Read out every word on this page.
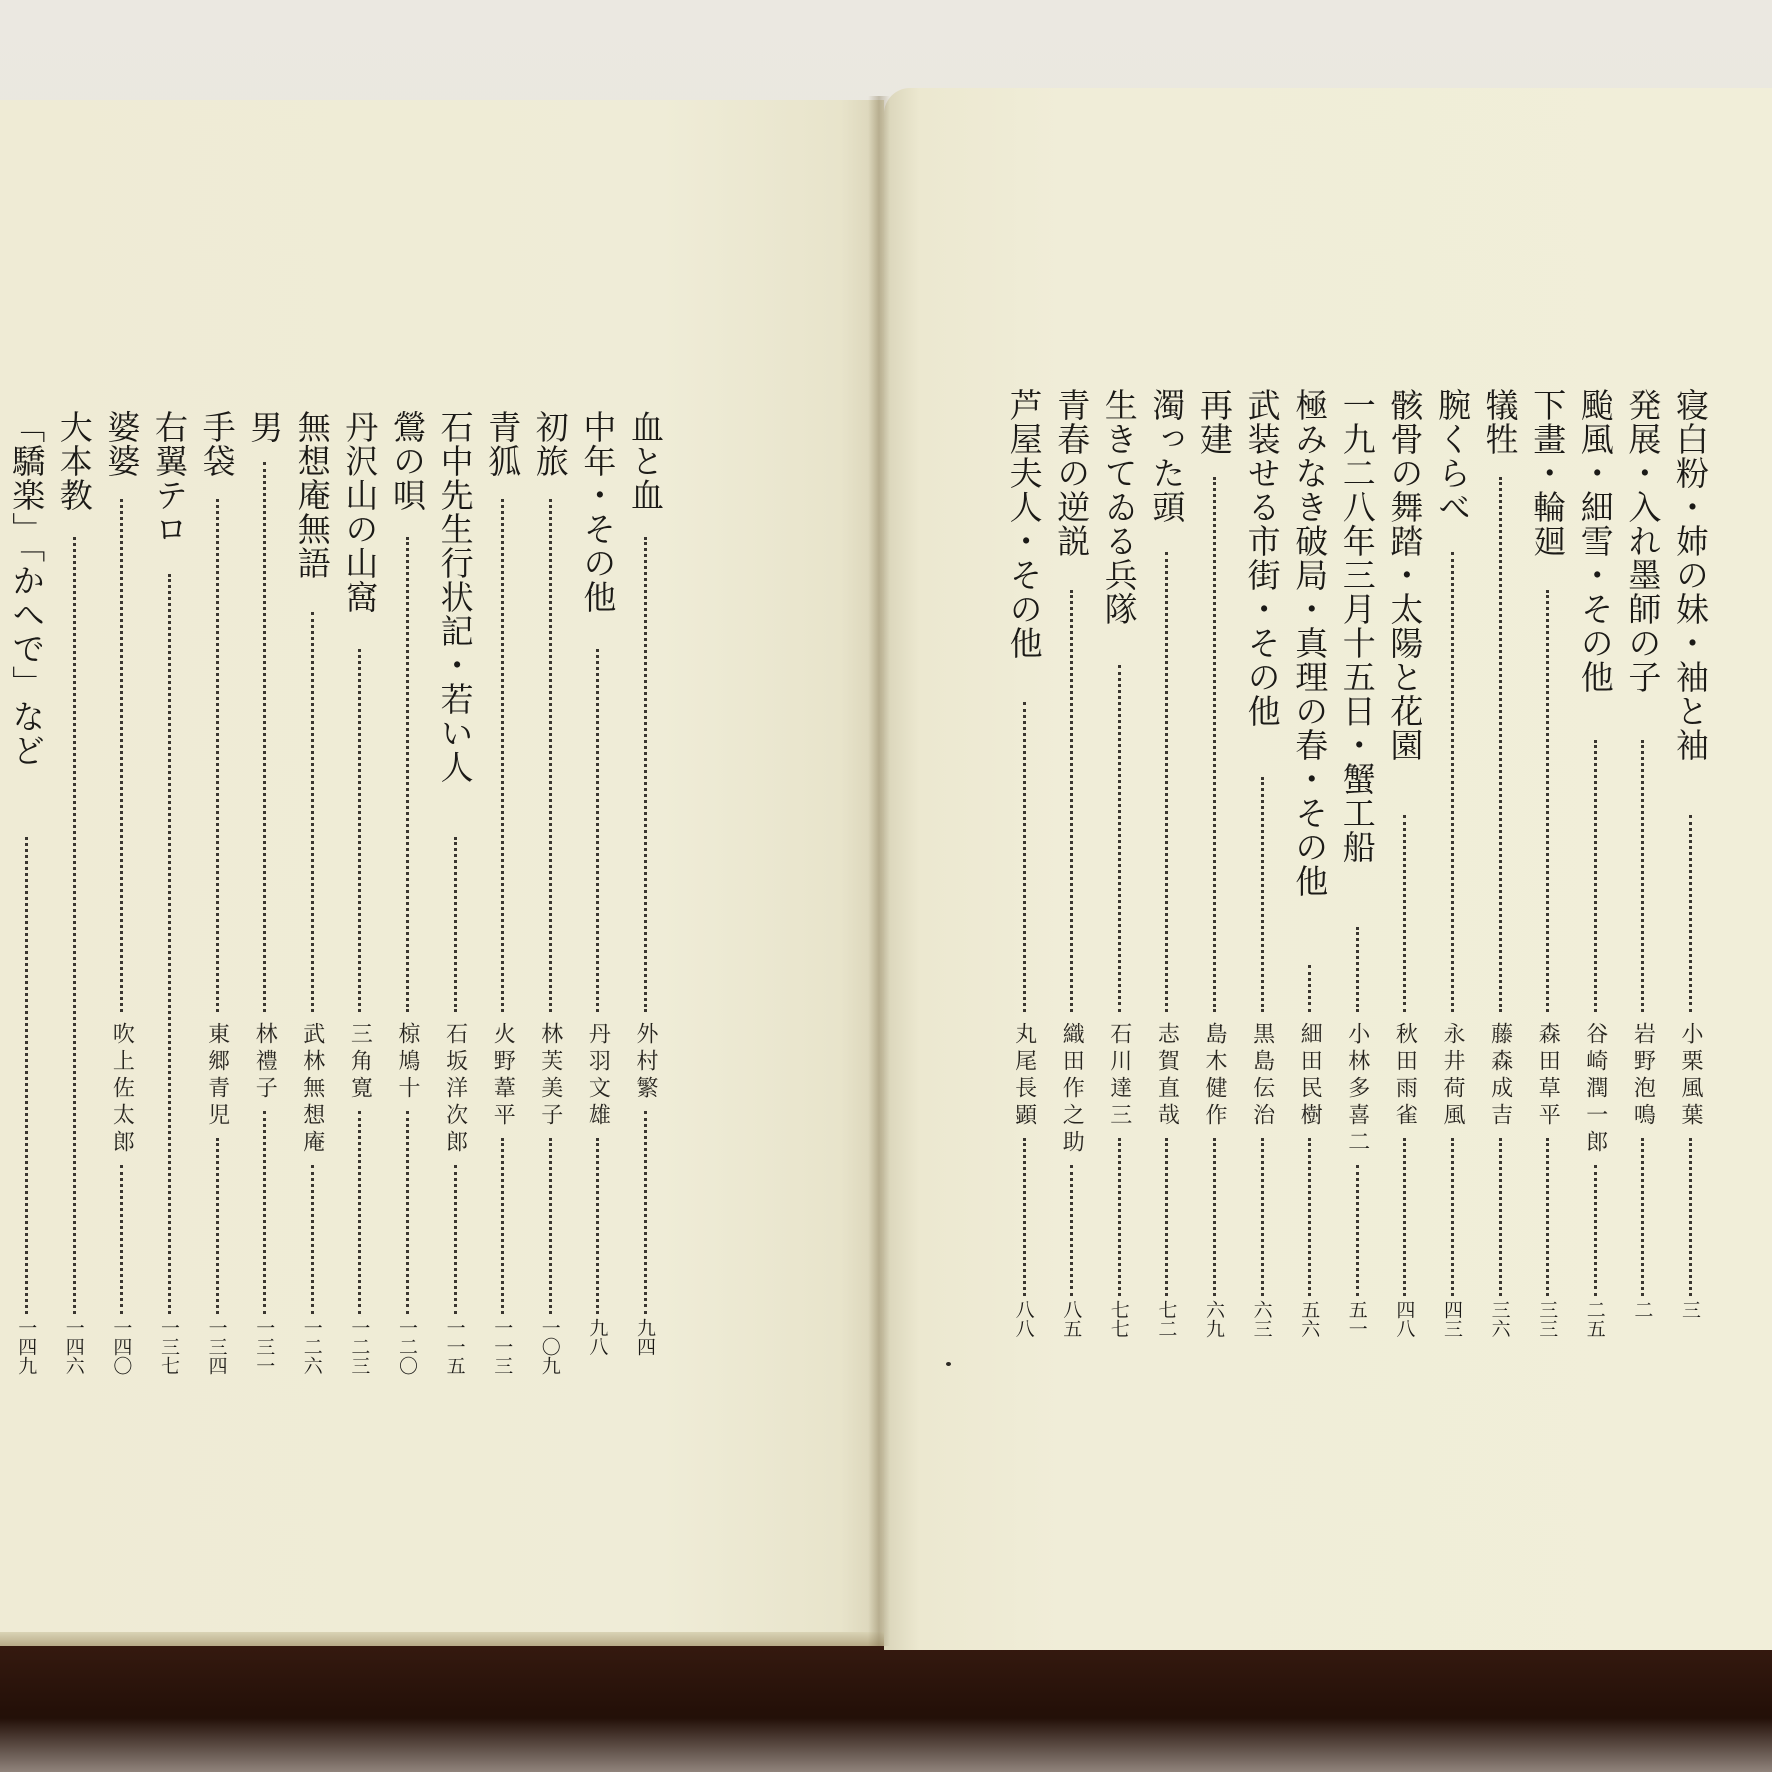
寝白粉・姉の妹・袖と袖
小栗風葉
三
発展・入れ墨師の子
岩野泡鳴
二
颱風・細雪・その他
谷崎潤一郎
二五
下畫・輪廻
森田草平
三三
犠牲
藤森成吉
三六
腕くらべ
永井荷風
四三
骸骨の舞踏・太陽と花園
秋田雨雀
四八
一九二八年三月十五日・蟹工船
小林多喜二
五一
極みなき破局・真理の春・その他
細田民樹
五六
武装せる市街・その他
黒島伝治
六三
再建
島木健作
六九
濁った頭
志賀直哉
七二
生きてゐる兵隊
石川達三
七七
青春の逆説
織田作之助
八五
芦屋夫人・その他
丸尾長顕
八八
血と血
外村繁
九四
中年・その他
丹羽文雄
九八
初旅
林芙美子
一〇九
青狐
火野葦平
一一三
石中先生行状記・若い人
石坂洋次郎
一一五
鶯の唄
椋鳩十
一二〇
丹沢山の山窩
三角寛
一二三
無想庵無語
武林無想庵
一二六
男
林禮子
一三一
手袋
東郷青児
一三四
右翼テロ
一三七
婆婆
吹上佐太郎
一四〇
大本教
一四六
「驕楽」「かへで」など
一四九
